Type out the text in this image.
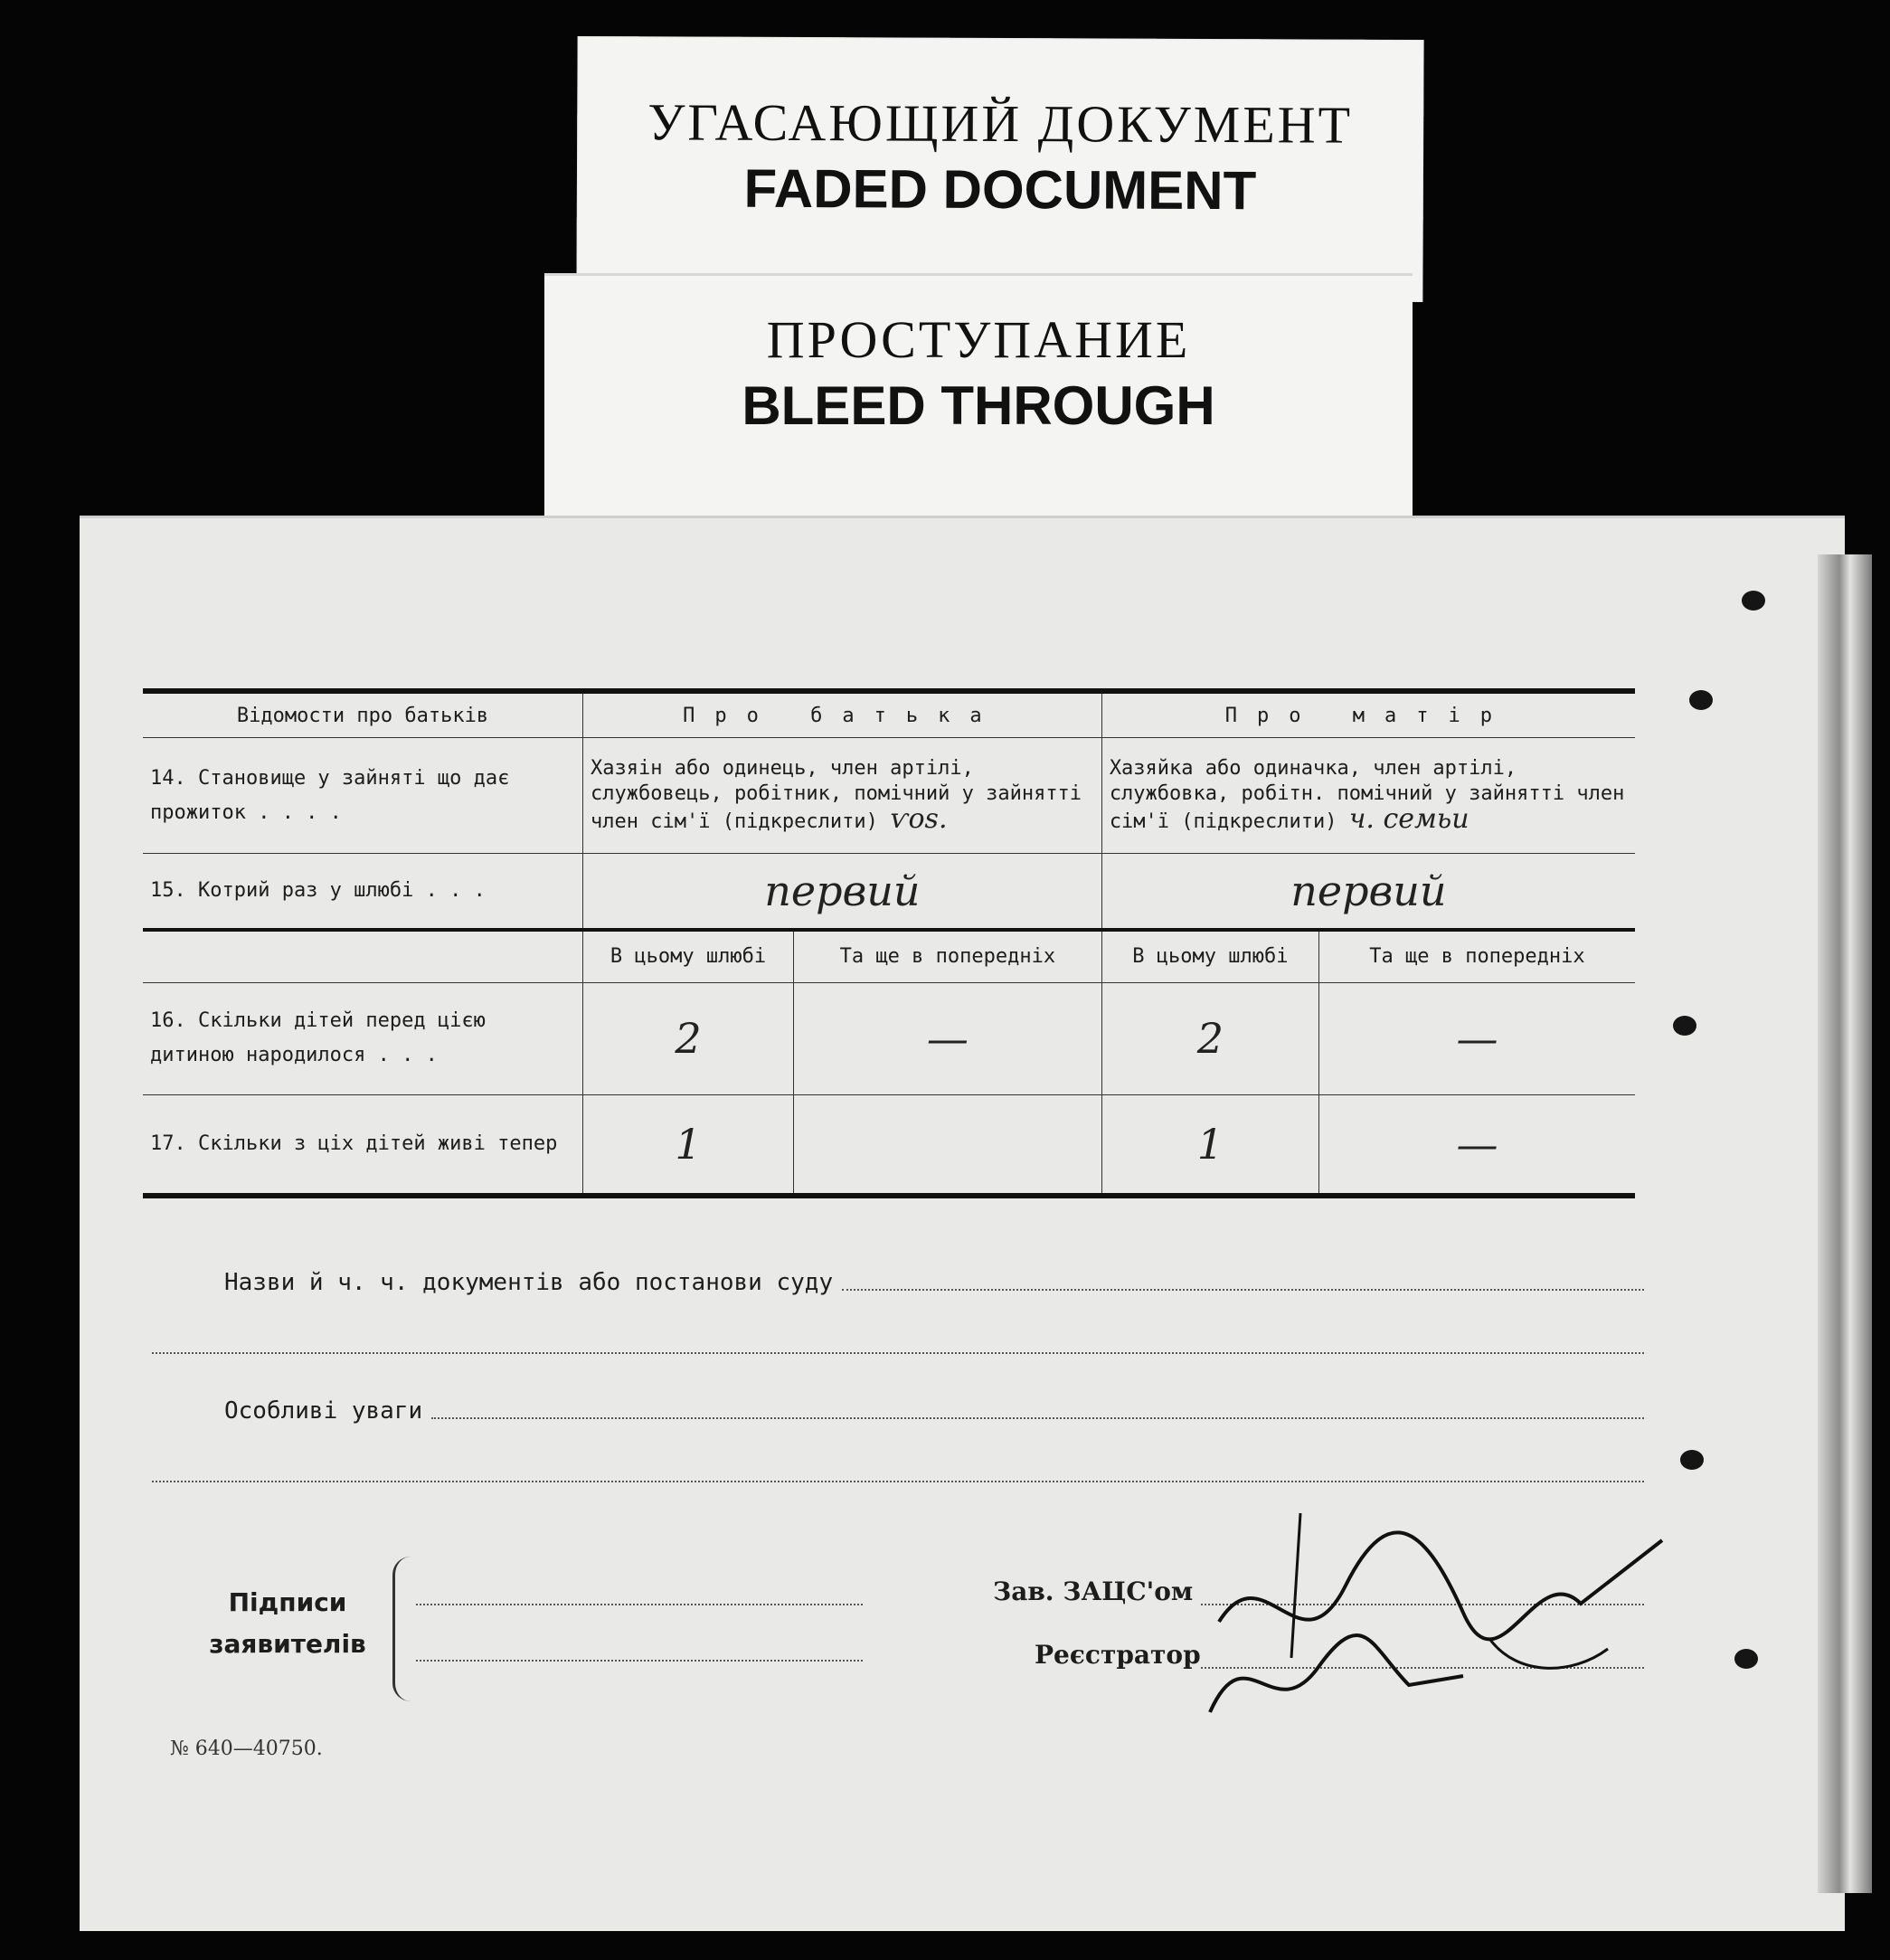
УГАСАЮЩИЙ ДОКУМЕНТ
FADED DOCUMENT
ПРОСТУПАНИЕ
BLEED THROUGH
Відомости про батьків	Про батька		Про матір	
14. Становище у зайняті що дає прожиток . . . .	Хазяін або одинець, член артілі, службовець, робітник, помічний у зайнятті член сім'ї (підкреслити) ѵоѕ.		Хазяйка або одиначка, член артілі, службовка, робітн. помічний у зайнятті член сім'ї (підкреслити) ч. семьи	
15. Котрий раз у шлюбі . . .	первий		первий	

	В цьому шлюбі	Та ще в попередніх	В цьому шлюбі	Та ще в попередніх
16. Скільки дітей перед цією дитиною народилося . . .	2	—	2	—

17. Скільки з ціх дітей живі тепер	1		1	—
Назви й ч. ч. документів або постанови суду
Особливі уваги
Підписи заявителів
Зав. ЗАЦС'ом
Реєстратор
№ 640—40750.
